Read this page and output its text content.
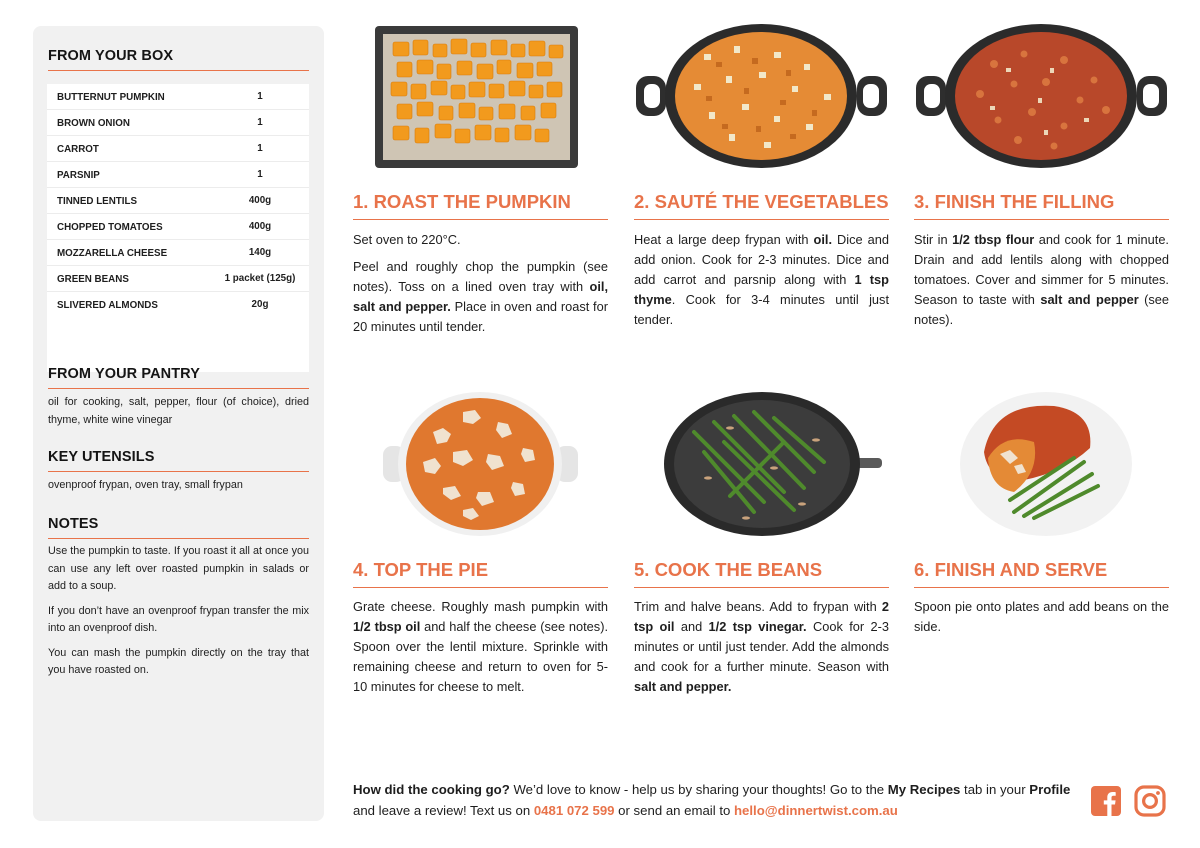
FROM YOUR BOX
BUTTERNUT PUMPKIN	1
BROWN ONION	1
CARROT	1
PARSNIP	1
TINNED LENTILS	400g
CHOPPED TOMATOES	400g
MOZZARELLA CHEESE	140g
GREEN BEANS	1 packet (125g)
SLIVERED ALMONDS	20g
FROM YOUR PANTRY
oil for cooking, salt, pepper, flour (of choice), dried thyme, white wine vinegar
KEY UTENSILS
ovenproof frypan, oven tray, small frypan
NOTES

Use the pumpkin to taste. If you roast it all at once you can use any left over roasted pumpkin in salads or add to a soup.

If you don’t have an ovenproof frypan transfer the mix into an ovenproof dish.

You can mash the pumpkin directly on the tray that you have roasted on.

1. ROAST THE PUMPKIN

Set oven to 220°C.

Peel and roughly chop the pumpkin (see notes). Toss on a lined oven tray with oil, salt and pepper. Place in oven and roast for 20 minutes until tender.

2. SAUTÉ THE VEGETABLES

Heat a large deep frypan with oil. Dice and add onion. Cook for 2-3 minutes. Dice and add carrot and parsnip along with 1 tsp thyme. Cook for 3-4 minutes until just tender.

3. FINISH THE FILLING

Stir in 1/2 tbsp flour and cook for 1 minute. Drain and add lentils along with chopped tomatoes. Cover and simmer for 5 minutes. Season to taste with salt and pepper (see notes).

4. TOP THE PIE

Grate cheese. Roughly mash pumpkin with 1/2 tbsp oil and half the cheese (see notes). Spoon over the lentil mixture. Sprinkle with remaining cheese and return to oven for 5-10 minutes for cheese to melt.

5. COOK THE BEANS

Trim and halve beans. Add to frypan with 2 tsp oil and 1/2 tsp vinegar. Cook for 2-3 minutes or until just tender. Add the almonds and cook for a further minute. Season with salt and pepper.

6. FINISH AND SERVE

Spoon pie onto plates and add beans on the side.

How did the cooking go? We’d love to know - help us by sharing your thoughts! Go to the My Recipes tab in your Profile and leave a review! Text us on 0481 072 599 or send an email to hello@dinnertwist.com.au
